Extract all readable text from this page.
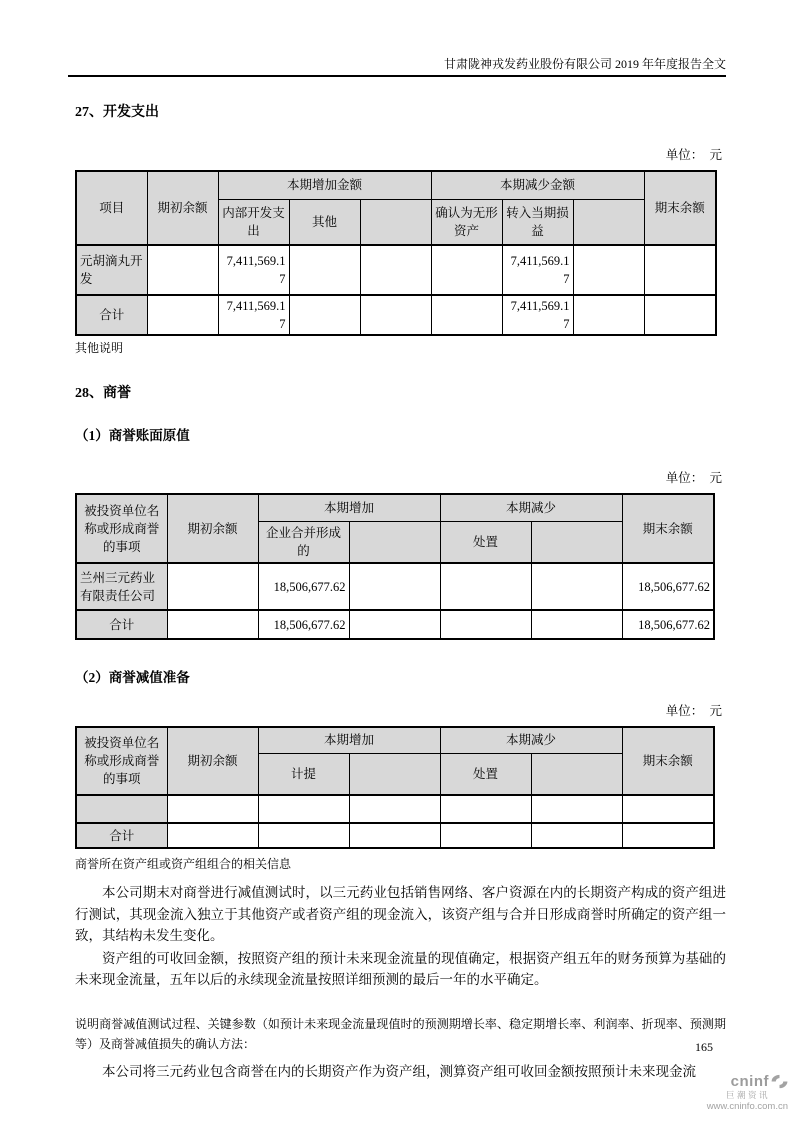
甘肃陇神戎发药业股份有限公司 2019 年年度报告全文
27、开发支出
单位：  元
项目	期初余额	本期增加金额			本期减少金额			期末余额
		内部开发支出	其他		确认为无形资产	转入当期损益		
元胡滴丸开发		7,411,569.17				7,411,569.17		
合计		7,411,569.17				7,411,569.17		
其他说明
28、商誉
（1）商誉账面原值
单位：  元
被投资单位名称或形成商誉的事项	期初余额	本期增加		本期减少		期末余额
		企业合并形成的		处置		
兰州三元药业有限责任公司		18,506,677.62				18,506,677.62
合计		18,506,677.62				18,506,677.62
（2）商誉减值准备
单位：  元
被投资单位名称或形成商誉的事项	期初余额	本期增加		本期减少		期末余额
		计提		处置		

合计						
商誉所在资产组或资产组组合的相关信息
本公司期末对商誉进行减值测试时，以三元药业包括销售网络、客户资源在内的长期资产构成的资产组进行测试，其现金流入独立于其他资产或者资产组的现金流入，该资产组与合并日形成商誉时所确定的资产组一致，其结构未发生变化。
资产组的可收回金额，按照资产组的预计未来现金流量的现值确定，根据资产组五年的财务预算为基础的未来现金流量，五年以后的永续现金流量按照详细预测的最后一年的水平确定。
说明商誉减值测试过程、关键参数（如预计未来现金流量现值时的预测期增长率、稳定期增长率、利润率、折现率、预测期等）及商誉减值损失的确认方法：
本公司将三元药业包含商誉在内的长期资产作为资产组，测算资产组可收回金额按照预计未来现金流
165
cninf
巨潮资讯
www.cninfo.com.cn
